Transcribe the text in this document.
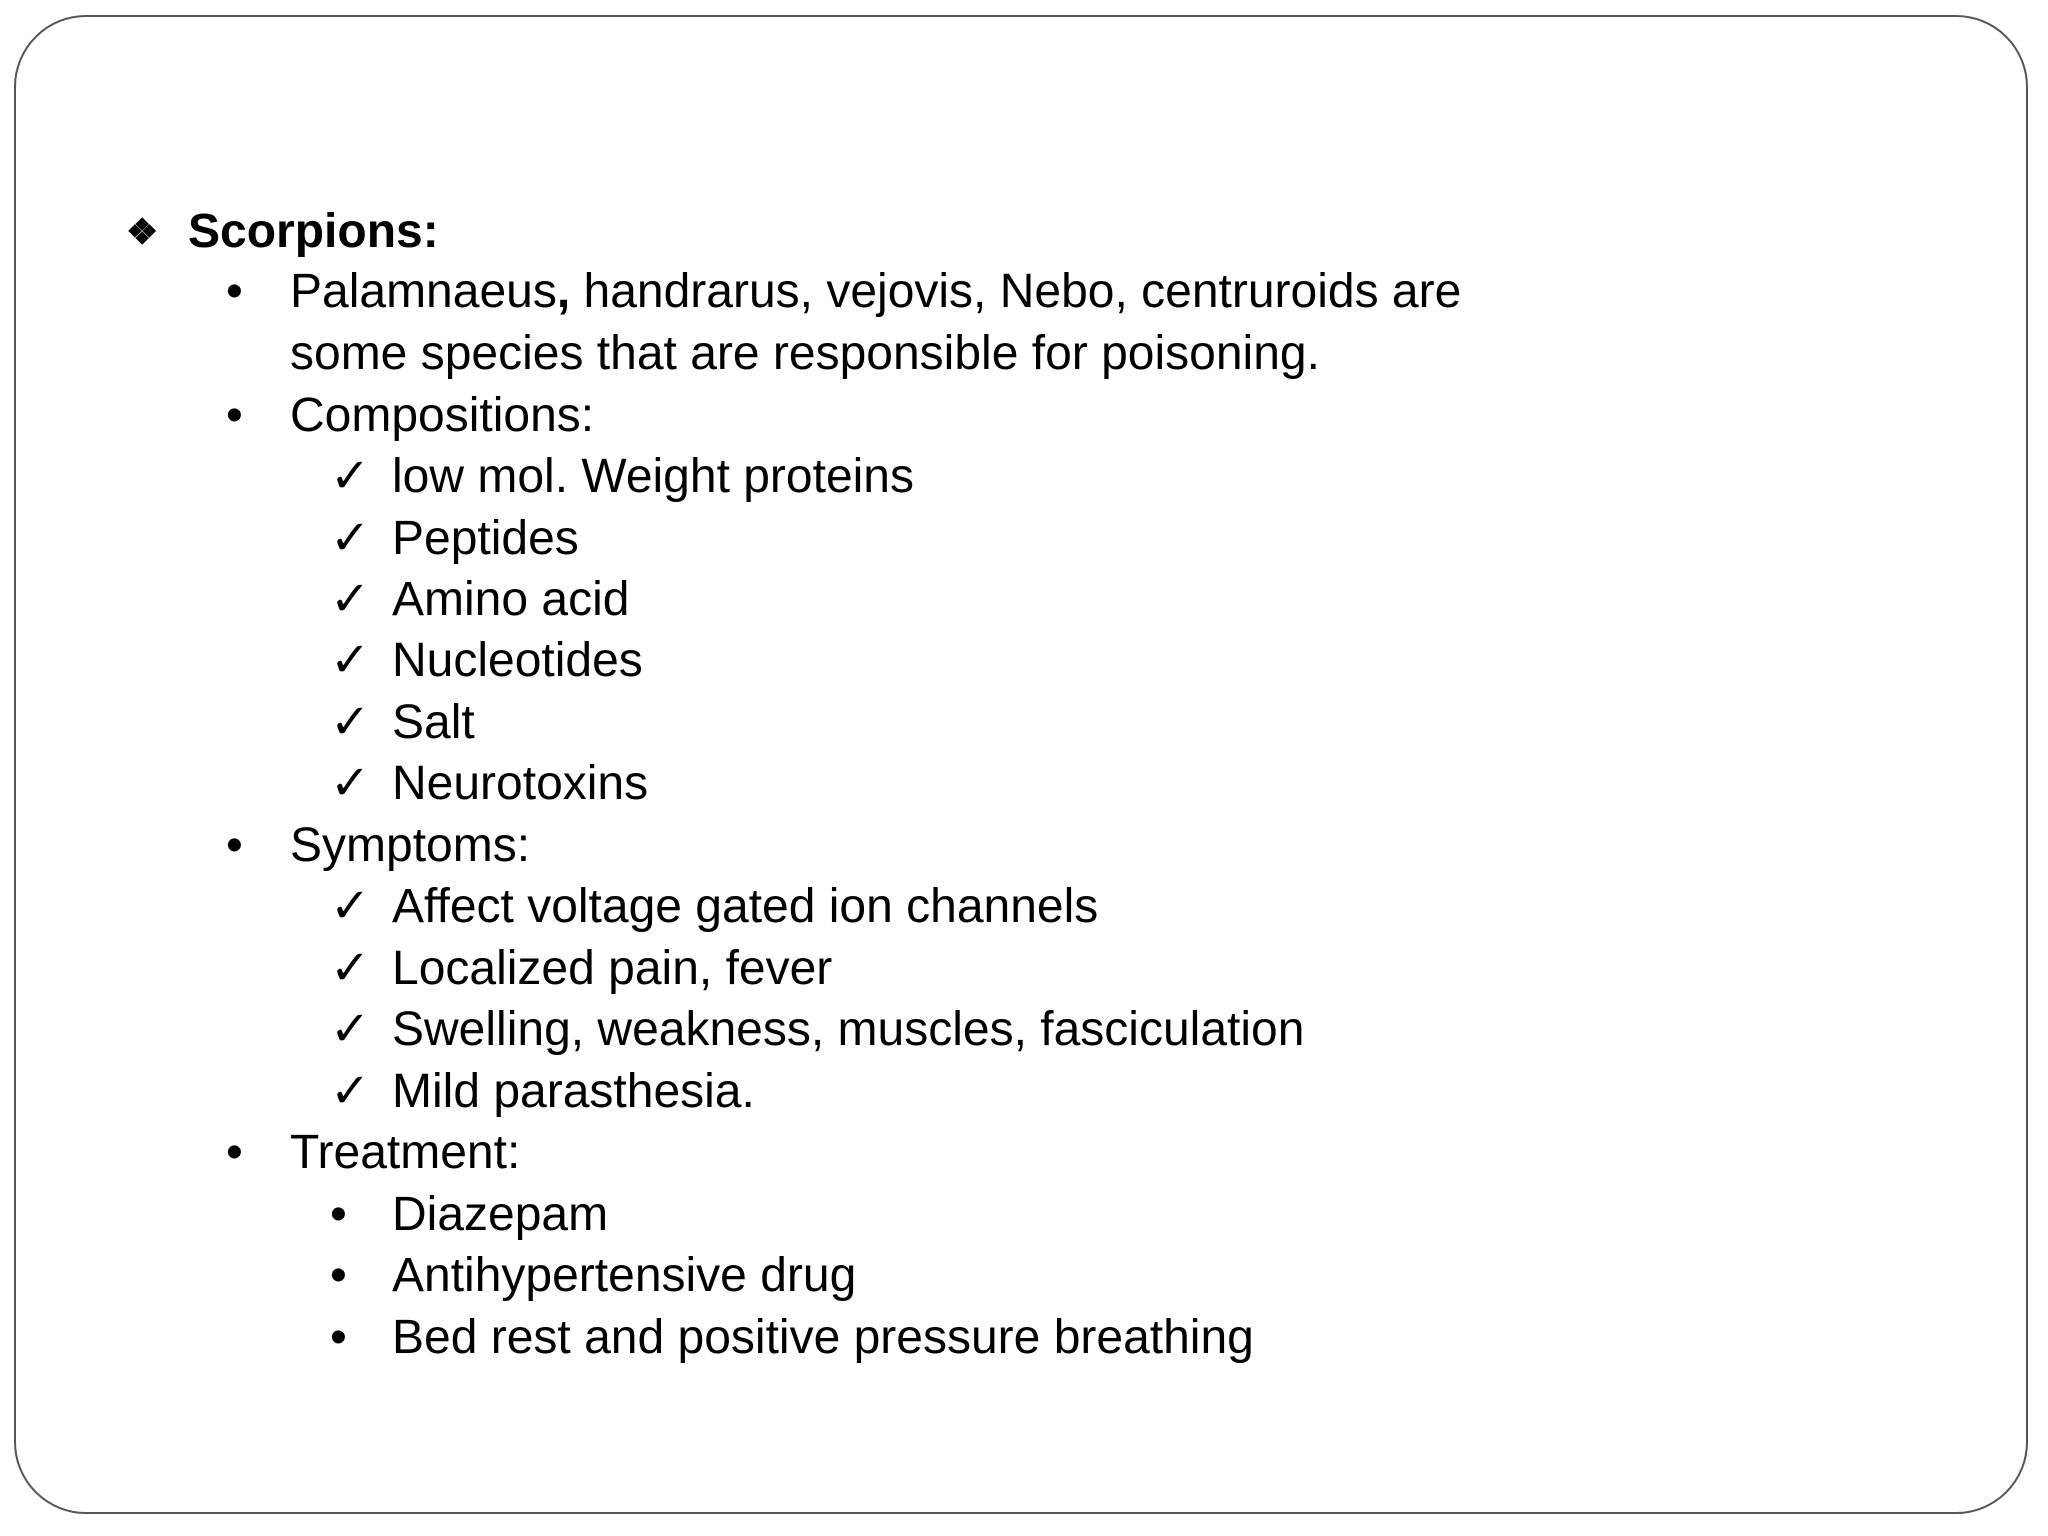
❖ Scorpions:
• Palamnaeus, handrarus, vejovis, Nebo, centruroids are
some species that are responsible for poisoning.
• Compositions:
✓ low mol. Weight proteins
✓ Peptides
✓ Amino acid
✓ Nucleotides
✓ Salt
✓ Neurotoxins
• Symptoms:
✓ Affect voltage gated ion channels
✓ Localized pain, fever
✓ Swelling, weakness, muscles, fasciculation
✓ Mild parasthesia.
• Treatment:
• Diazepam
• Antihypertensive drug
• Bed rest and positive pressure breathing
